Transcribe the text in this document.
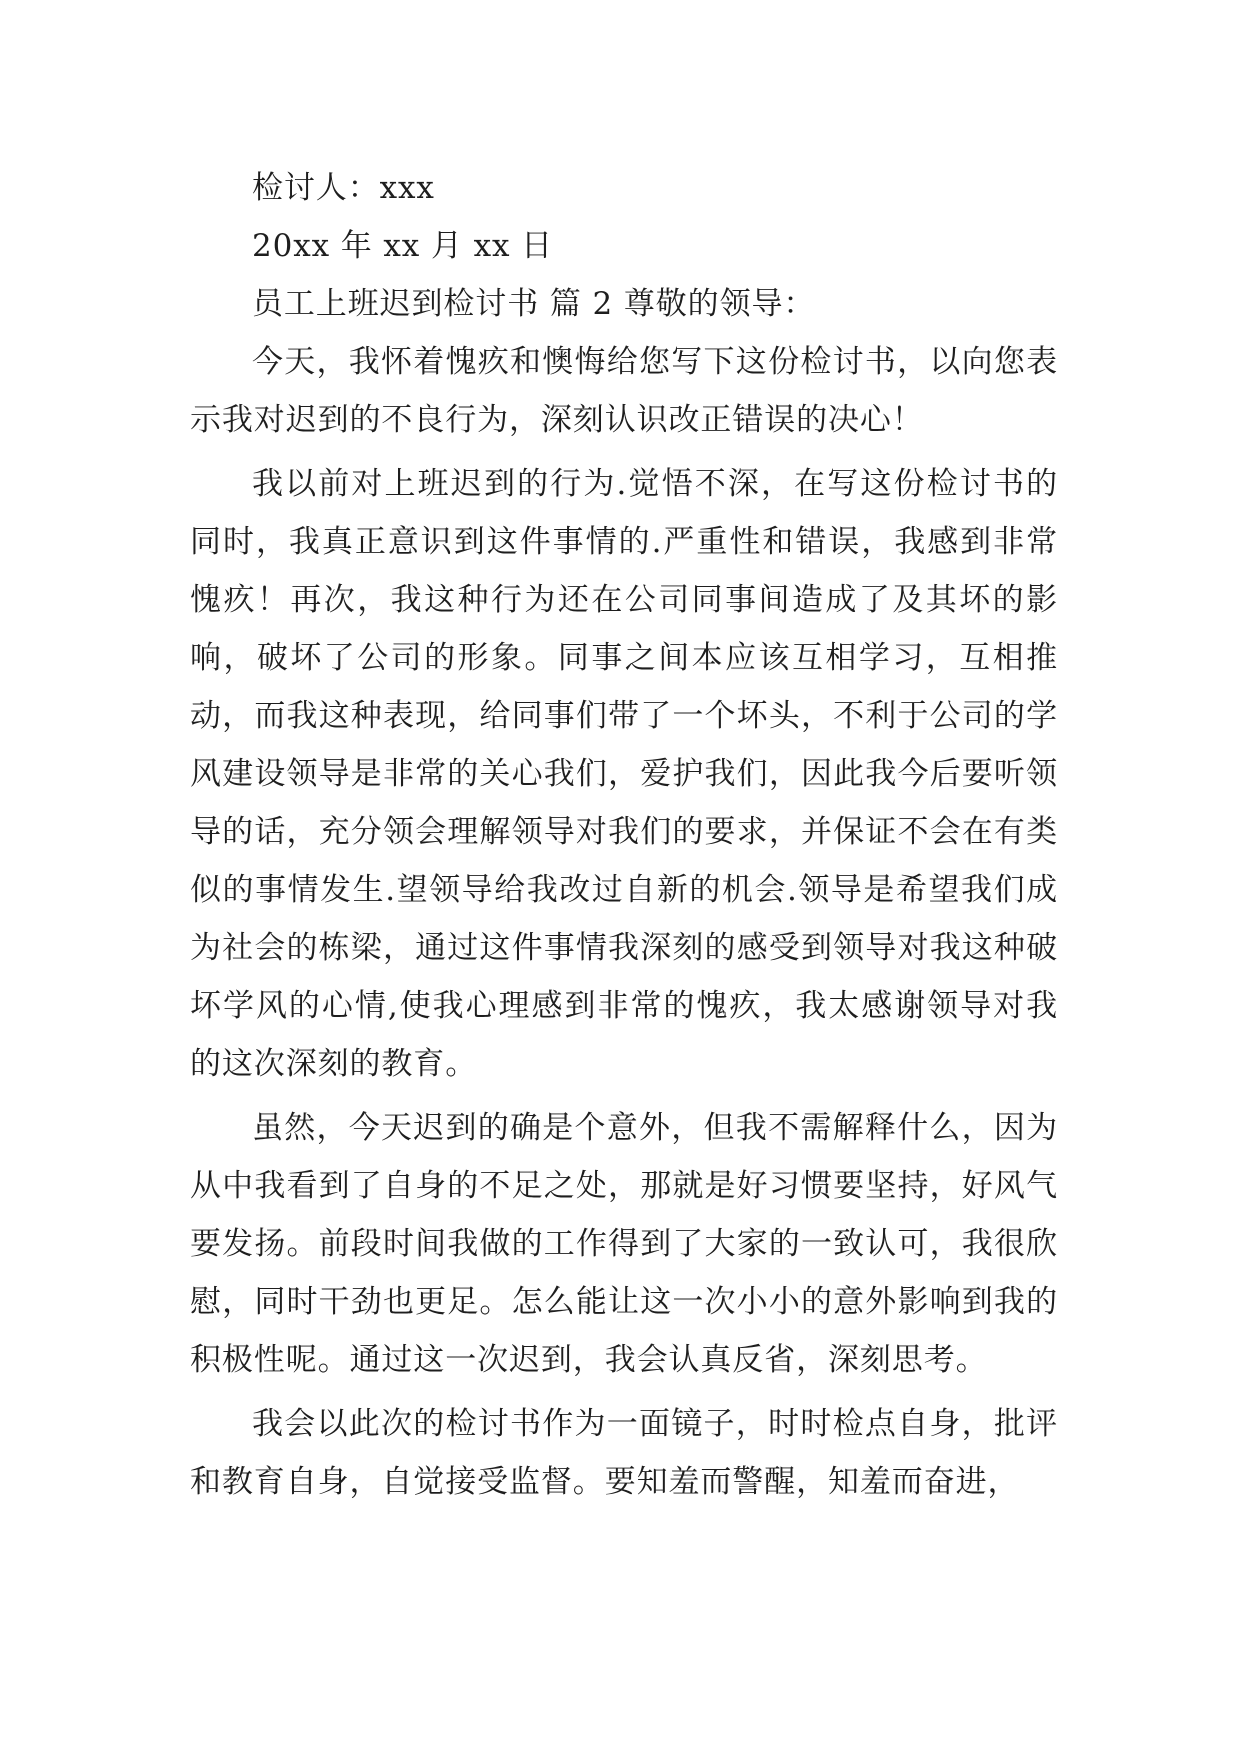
检讨人：xxx

20xx 年 xx 月 xx 日

员工上班迟到检讨书 篇 2 尊敬的领导：

今天，我怀着愧疚和懊悔给您写下这份检讨书，以向您表示我对迟到的不良行为，深刻认识改正错误的决心！

我以前对上班迟到的行为.觉悟不深，在写这份检讨书的同时，我真正意识到这件事情的.严重性和错误，我感到非常愧疚！再次，我这种行为还在公司同事间造成了及其坏的影响，破坏了公司的形象。同事之间本应该互相学习，互相推动，而我这种表现，给同事们带了一个坏头，不利于公司的学风建设领导是非常的关心我们，爱护我们，因此我今后要听领导的话，充分领会理解领导对我们的要求，并保证不会在有类似的事情发生.望领导给我改过自新的机会.领导是希望我们成为社会的栋梁，通过这件事情我深刻的感受到领导对我这种破坏学风的心情,使我心理感到非常的愧疚，我太感谢领导对我的这次深刻的教育。

虽然，今天迟到的确是个意外，但我不需解释什么，因为从中我看到了自身的不足之处，那就是好习惯要坚持，好风气要发扬。前段时间我做的工作得到了大家的一致认可，我很欣慰，同时干劲也更足。怎么能让这一次小小的意外影响到我的积极性呢。通过这一次迟到，我会认真反省，深刻思考。

我会以此次的检讨书作为一面镜子，时时检点自身，批评和教育自身，自觉接受监督。要知羞而警醒，知羞而奋进，
